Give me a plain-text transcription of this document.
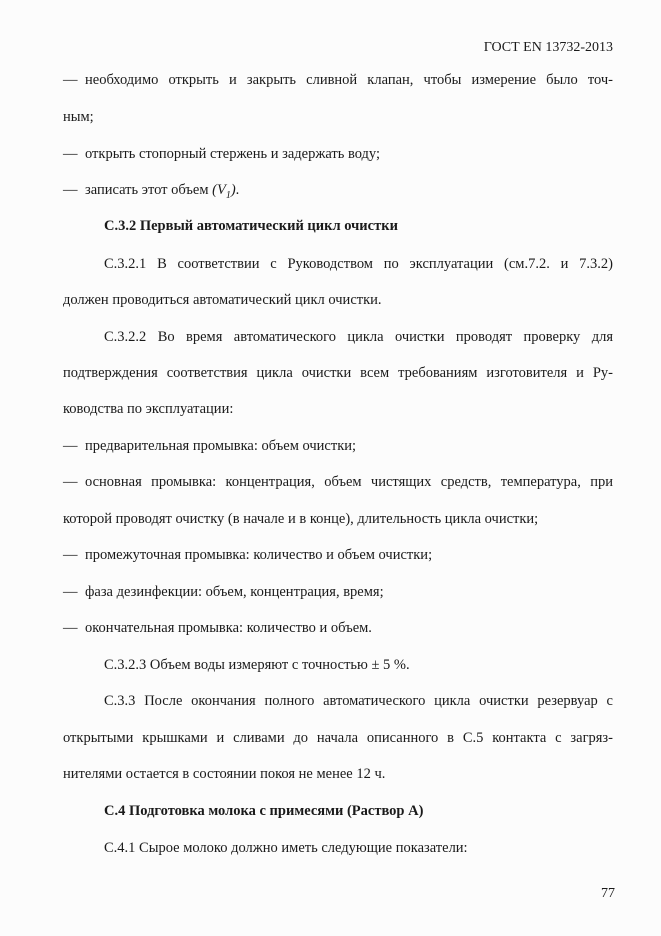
ГОСТ EN 13732-2013
— необходимо открыть и закрыть сливной клапан, чтобы измерение было точ-
ным;
— открыть стопорный стержень и задержать воду;
— записать этот объем $(V_1)$.
С.3.2 Первый автоматический цикл очистки
С.3.2.1 В соответствии с Руководством по эксплуатации (см.7.2. и 7.3.2)
должен проводиться автоматический цикл очистки.
С.3.2.2 Во время автоматического цикла очистки проводят проверку для
подтверждения соответствия цикла очистки всем требованиям изготовителя и Ру-
ководства по эксплуатации:
— предварительная промывка: объем очистки;
— основная промывка: концентрация, объем чистящих средств, температура, при
которой проводят очистку (в начале и в конце), длительность цикла очистки;
— промежуточная промывка: количество и объем очистки;
— фаза дезинфекции: объем, концентрация, время;
— окончательная промывка: количество и объем.
С.3.2.3 Объем воды измеряют с точностью ± 5 %.
С.3.3 После окончания полного автоматического цикла очистки резервуар с
открытыми крышками и сливами до начала описанного в С.5 контакта с загряз-
нителями остается в состоянии покоя не менее 12 ч.
С.4 Подготовка молока с примесями (Раствор А)
С.4.1 Сырое молоко должно иметь следующие показатели:
77
